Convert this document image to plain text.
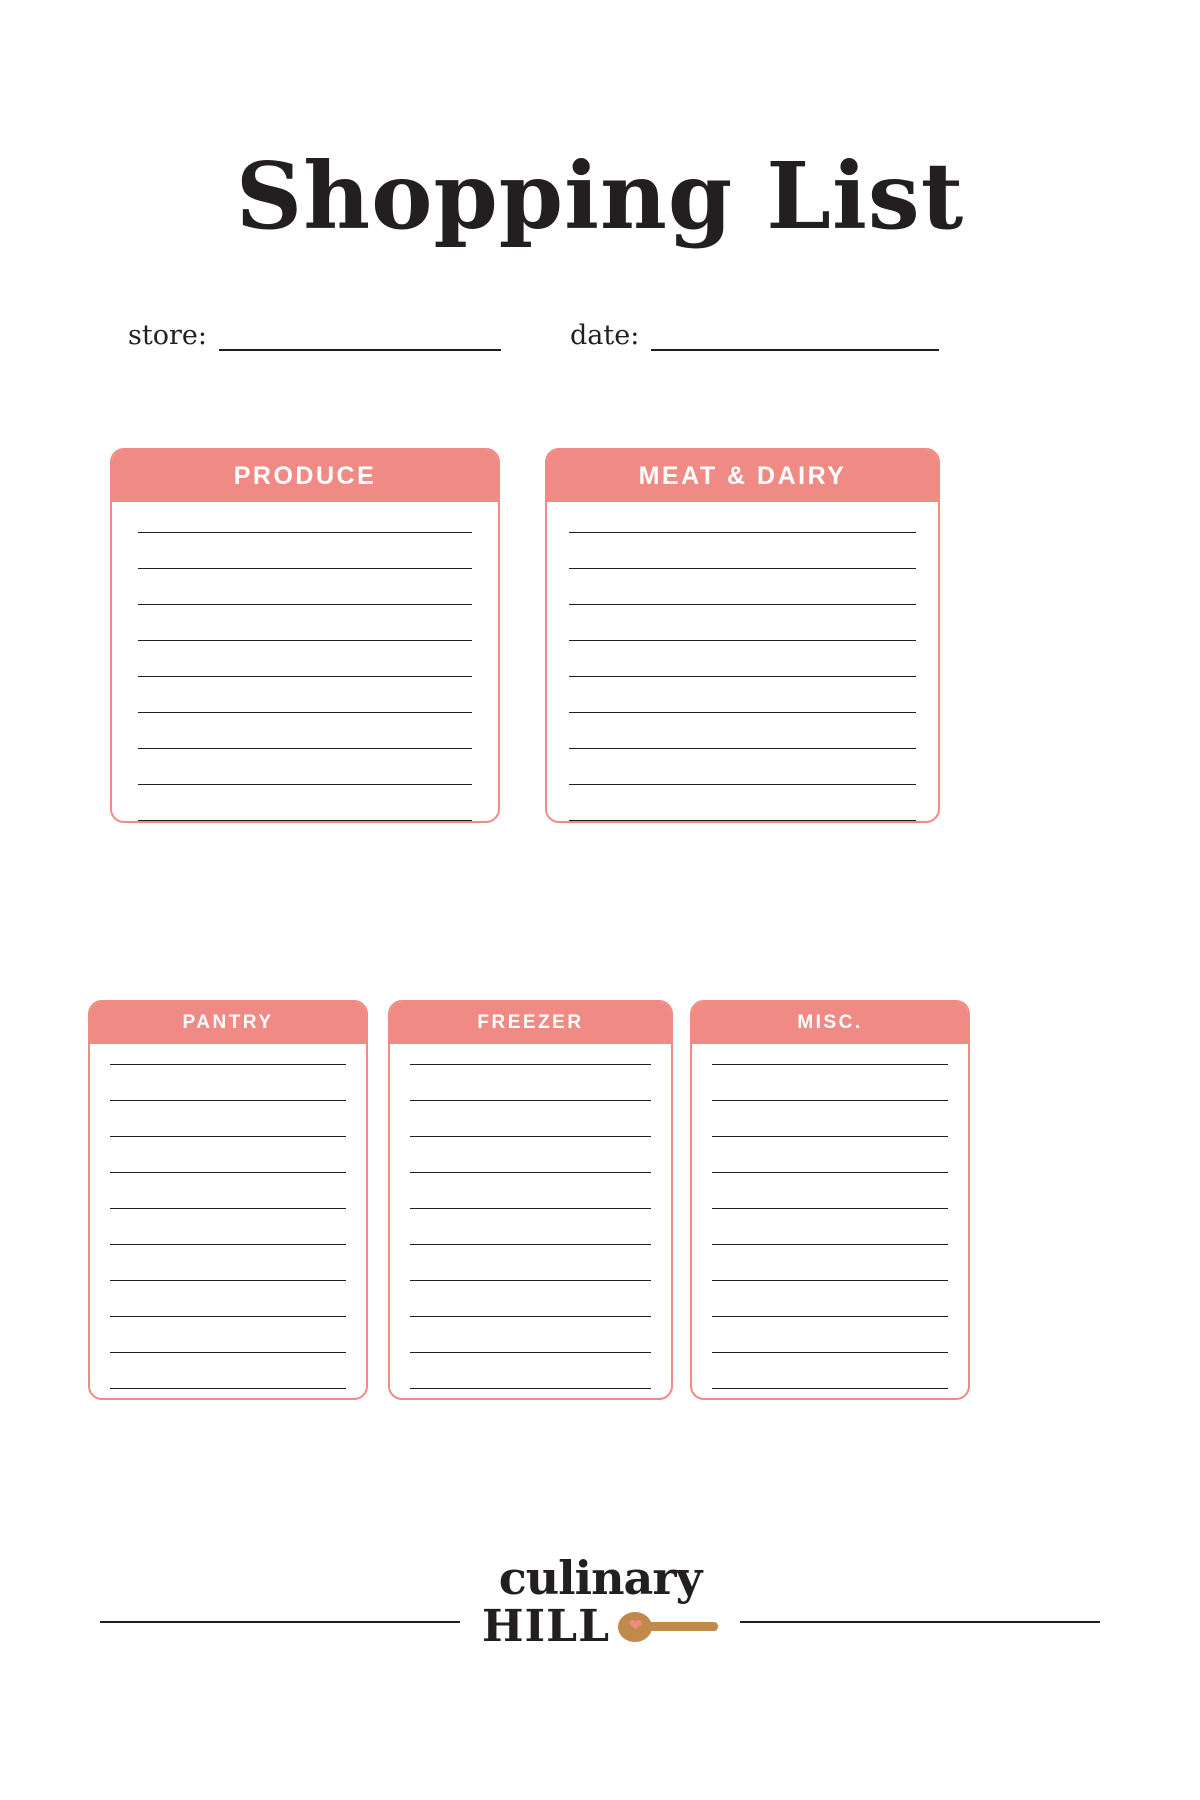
Shopping List
store:	date:
PRODUCE	MEAT & DAIRY
PANTRY	FREEZER	MISC.
culinary
HILL ❤
